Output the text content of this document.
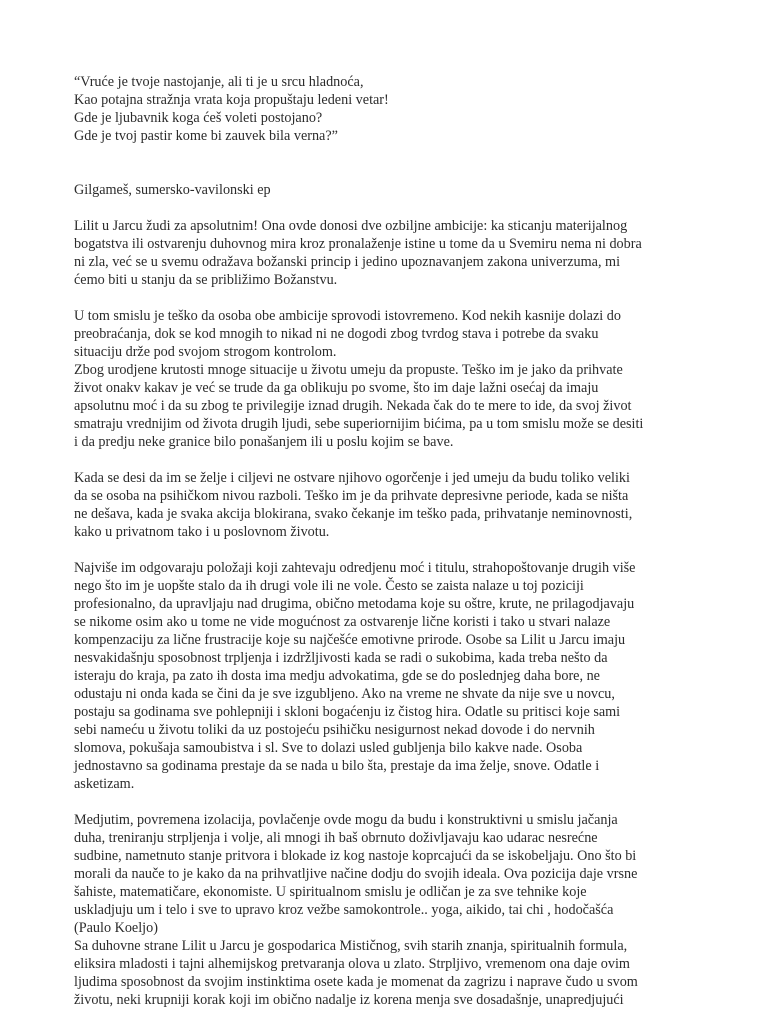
“Vruće je tvoje nastojanje, ali ti je u srcu hladnoća,
Kao potajna stražnja vrata koja propuštaju ledeni vetar!
Gde je ljubavnik koga ćeš voleti postojano?
Gde je tvoj pastir kome bi zauvek bila verna?”
Gilgameš, sumersko-vavilonski ep
Lilit u Jarcu žudi za apsolutnim! Ona ovde donosi dve ozbiljne ambicije: ka sticanju materijalnog
bogatstva ili ostvarenju duhovnog mira kroz pronalaženje istine u tome da u Svemiru nema ni dobra
ni zla, već se u svemu odražava božanski princip i jedino upoznavanjem zakona univerzuma, mi
ćemo biti u stanju da se približimo Božanstvu.
U tom smislu je teško da osoba obe ambicije sprovodi istovremeno. Kod nekih kasnije dolazi do
preobraćanja, dok se kod mnogih to nikad ni ne dogodi zbog tvrdog stava i potrebe da svaku
situaciju drže pod svojom strogom kontrolom.
Zbog urodjene krutosti mnoge situacije u životu umeju da propuste. Teško im je jako da prihvate
život onakv kakav je već se trude da ga oblikuju po svome, što im daje lažni osećaj da imaju
apsolutnu moć i da su zbog te privilegije iznad drugih. Nekada čak do te mere to ide, da svoj život
smatraju vrednijim od života drugih ljudi, sebe superiornijim bićima, pa u tom smislu može se desiti
i da predju neke granice bilo ponašanjem ili u poslu kojim se bave.
Kada se desi da im se želje i ciljevi ne ostvare njihovo ogorčenje i jed umeju da budu toliko veliki
da se osoba na psihičkom nivou razboli. Teško im je da prihvate depresivne periode, kada se ništa
ne dešava, kada je svaka akcija blokirana, svako čekanje im teško pada, prihvatanje neminovnosti,
kako u privatnom tako i u poslovnom životu.
Najviše im odgovaraju položaji koji zahtevaju odredjenu moć i titulu, strahopoštovanje drugih više
nego što im je uopšte stalo da ih drugi vole ili ne vole. Često se zaista nalaze u toj poziciji
profesionalno, da upravljaju nad drugima, obično metodama koje su oštre, krute, ne prilagodjavaju
se nikome osim ako u tome ne vide mogućnost za ostvarenje lične koristi i tako u stvari nalaze
kompenzaciju za lične frustracije koje su najčešće emotivne prirode. Osobe sa Lilit u Jarcu imaju
nesvakidašnju sposobnost trpljenja i izdržljivosti kada se radi o sukobima, kada treba nešto da
isteraju do kraja, pa zato ih dosta ima medju advokatima, gde se do poslednjeg daha bore, ne
odustaju ni onda kada se čini da je sve izgubljeno. Ako na vreme ne shvate da nije sve u novcu,
postaju sa godinama sve pohlepniji i skloni bogaćenju iz čistog hira. Odatle su pritisci koje sami
sebi namеću u životu toliki da uz postojeću psihičku nesigurnost nekad dovode i do nervnih
slomova, pokušaja samoubistva i sl. Sve to dolazi usled gubljenja bilo kakve nade. Osoba
jednostavno sa godinama prestaje da se nada u bilo šta, prestaje da ima želje, snove. Odatle i
asketizam.
Medjutim, povremena izolacija, povlačenje ovde mogu da budu i konstruktivni u smislu jačanja
duha, treniranju strpljenja i volje, ali mnogi ih baš obrnuto doživljavaju kao udarac nesrećne
sudbine, nametnuto stanje pritvora i blokade iz kog nastoje koprcajući da se iskobeljaju. Ono što bi
morali da nauče to je kako da na prihvatljive načine dodju do svojih ideala. Ova pozicija daje vrsne
šahiste, matematičare, ekonomiste. U spiritualnom smislu je odličan je za sve tehnike koje
uskladjuju um i telo i sve to upravo kroz vežbe samokontrole.. yoga, aikido, tai chi , hodočašća
(Paulo Koeljo)
Sa duhovne strane Lilit u Jarcu je gospodarica Mističnog, svih starih znanja, spiritualnih formula,
eliksira mladosti i tajni alhemijskog pretvaranja olova u zlato. Strpljivo, vremenom ona daje ovim
ljudima sposobnost da svojim instinktima osete kada je momenat da zagrizu i naprave čudo u svom
životu, neki krupniji korak koji im obično nadalje iz korena menja sve dosadašnje, unapredjujući
